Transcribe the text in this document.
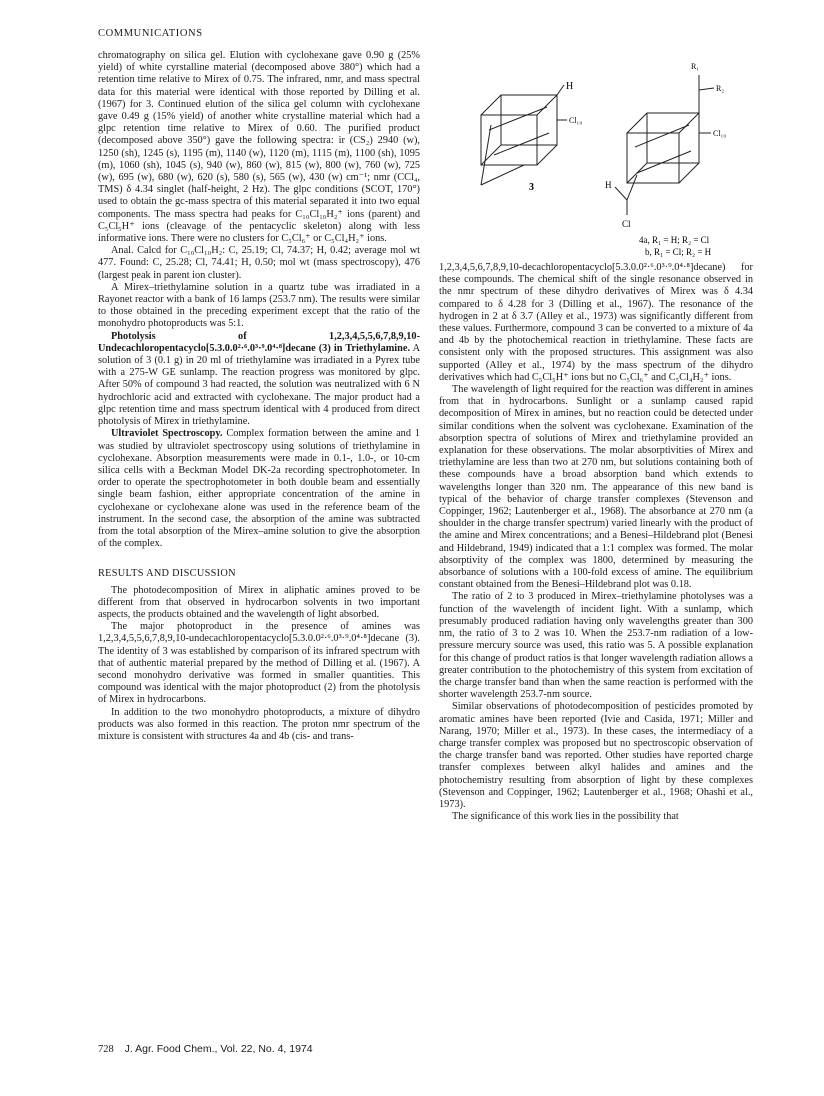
COMMUNICATIONS

chromatography on silica gel. Elution with cyclohexane gave 0.90 g (25% yield) of white cyrstalline material (decomposed above 380°) which had a retention time relative to Mirex of 0.75. The infrared, nmr, and mass spectral data for this material were identical with those reported by Dilling et al. (1967) for 3. Continued elution of the silica gel column with cyclohexane gave 0.49 g (15% yield) of another white crystalline material which had a glpc retention time relative to Mirex of 0.60. The purified product (decomposed above 350°) gave the following spectra: ir (CS₂) 2940 (w), 1250 (sh), 1245 (s), 1195 (m), 1140 (w), 1120 (m), 1115 (m), 1100 (sh), 1095 (m), 1060 (sh), 1045 (s), 940 (w), 860 (w), 815 (w), 800 (w), 760 (w), 725 (w), 695 (w), 680 (w), 620 (s), 580 (s), 565 (w), 430 (w) cm⁻¹; nmr (CCl₄, TMS) δ 4.34 singlet (half-height, 2 Hz). The glpc conditions (SCOT, 170°) used to obtain the gc-mass spectra of this material separated it into two equal components. The mass spectra had peaks for C₁₀Cl₁₀H₂⁺ ions (parent) and C₅Cl₅H⁺ ions (cleavage of the pentacyclic skeleton) along with less informative ions. There were no clusters for C₅Cl₆⁺ or C₅Cl₄H₂⁺ ions.

Anal. Calcd for C₁₀Cl₁₀H₂: C, 25.19; Cl, 74.37; H, 0.42; average mol wt 477. Found: C, 25.28; Cl, 74.41; H, 0.50; mol wt (mass spectroscopy), 476 (largest peak in parent ion cluster).

A Mirex–triethylamine solution in a quartz tube was irradiated in a Rayonet reactor with a bank of 16 lamps (253.7 nm). The results were similar to those obtained in the preceding experiment except that the ratio of the monohydro photoproducts was 5:1.

Photolysis of 1,2,3,4,5,5,6,7,8,9,10-Undecachloropentacyclo[5.3.0.0²·⁶.0³·⁹.0⁴·⁸]decane (3) in Triethylamine. A solution of 3 (0.1 g) in 20 ml of triethylamine was irradiated in a Pyrex tube with a 275-W GE sunlamp. The reaction progress was monitored by glpc. After 50% of compound 3 had reacted, the solution was neutralized with 6 N hydrochloric acid and extracted with cyclohexane. The major product had a glpc retention time and mass spectrum identical with 4 produced from direct photolysis of Mirex in triethylamine.

Ultraviolet Spectroscopy. Complex formation between the amine and 1 was studied by ultraviolet spectroscopy using solutions of triethylamine in cyclohexane. Absorption measurements were made in 0.1-, 1.0-, or 10-cm silica cells with a Beckman Model DK-2a recording spectrophotometer. In order to operate the spectrophotometer in both double beam and essentially single beam fashion, either appropriate concentration of the amine in cyclohexane or cyclohexane alone was used in the reference beam of the instrument. In the second case, the absorption of the amine was subtracted from the total absorption of the Mirex–amine solution to give the absorption of the complex.

RESULTS AND DISCUSSION

The photodecomposition of Mirex in aliphatic amines proved to be different from that observed in hydrocarbon solvents in two important aspects, the products obtained and the wavelength of light absorbed.

The major photoproduct in the presence of amines was 1,2,3,4,5,5,6,7,8,9,10-undecachloropentacyclo[5.3.0.0²·⁶.0³·⁹.0⁴·⁸]decane (3). The identity of 3 was established by comparison of its infrared spectrum with that of authentic material prepared by the method of Dilling et al. (1967). A second monohydro derivative was formed in smaller quantities. This compound was identical with the major photoproduct (2) from the photolysis of Mirex in hydrocarbons.

In addition to the two monohydro photoproducts, a mixture of dihydro products was also formed in this reaction. The proton nmr spectrum of the mixture is consistent with structures 4a and 4b (cis- and trans-

H
Cl₁₀
3
R₁
R₂
Cl₁₀
H
Cl
4a, R₁ = H; R₂ = Cl
b, R₁ = Cl; R₂ = H

1,2,3,4,5,6,7,8,9,10-decachloropentacyclo[5.3.0.0²·⁶.0³·⁹.0⁴·⁸]decane) for these compounds. The chemical shift of the single resonance observed in the nmr spectrum of these dihydro derivatives of Mirex was δ 4.34 compared to δ 4.28 for 3 (Dilling et al., 1967). The resonance of the hydrogen in 2 at δ 3.7 (Alley et al., 1973) was significantly different from these values. Furthermore, compound 3 can be converted to a mixture of 4a and 4b by the photochemical reaction in triethylamine. These facts are consistent only with the proposed structures. This assignment was also supported (Alley et al., 1974) by the mass spectrum of the dihydro derivatives which had C₅Cl₅H⁺ ions but no C₅Cl₆⁺ and C₅Cl₄H₂⁺ ions.

The wavelength of light required for the reaction was different in amines from that in hydrocarbons. Sunlight or a sunlamp caused rapid decomposition of Mirex in amines, but no reaction could be detected under similar conditions when the solvent was cyclohexane. Examination of the absorption spectra of solutions of Mirex and triethylamine provided an explanation for these observations. The molar absorptivities of Mirex and triethylamine are less than two at 270 nm, but solutions containing both of these compounds have a broad absorption band which extends to wavelengths longer than 320 nm. The appearance of this new band is typical of the behavior of charge transfer complexes (Stevenson and Coppinger, 1962; Lautenberger et al., 1968). The absorbance at 270 nm (a shoulder in the charge transfer spectrum) varied linearly with the product of the amine and Mirex concentrations; and a Benesi–Hildebrand plot (Benesi and Hildebrand, 1949) indicated that a 1:1 complex was formed. The molar absorptivity of the complex was 1800, determined by measuring the absorbance of solutions with a 100-fold excess of amine. The equilibrium constant obtained from the Benesi–Hildebrand plot was 0.18.

The ratio of 2 to 3 produced in Mirex–triethylamine photolyses was a function of the wavelength of incident light. With a sunlamp, which presumably produced radiation having only wavelengths greater than 300 nm, the ratio of 3 to 2 was 10. When the 253.7-nm radiation of a low-pressure mercury source was used, this ratio was 5. A possible explanation for this change of product ratios is that longer wavelength radiation allows a greater contribution to the photochemistry of this system from excitation of the charge transfer band than when the same reaction is performed with the shorter wavelength 253.7-nm source.

Similar observations of photodecomposition of pesticides promoted by aromatic amines have been reported (Ivie and Casida, 1971; Miller and Narang, 1970; Miller et al., 1973). In these cases, the intermediacy of a charge transfer complex was proposed but no spectroscopic observation of the charge transfer band was reported. Other studies have reported charge transfer complexes between alkyl halides and amines and the photochemistry resulting from absorption of light by these complexes (Stevenson and Coppinger, 1962; Lautenberger et al., 1968; Ohashi et al., 1973).

The significance of this work lies in the possibility that

728 J. Agr. Food Chem., Vol. 22, No. 4, 1974
